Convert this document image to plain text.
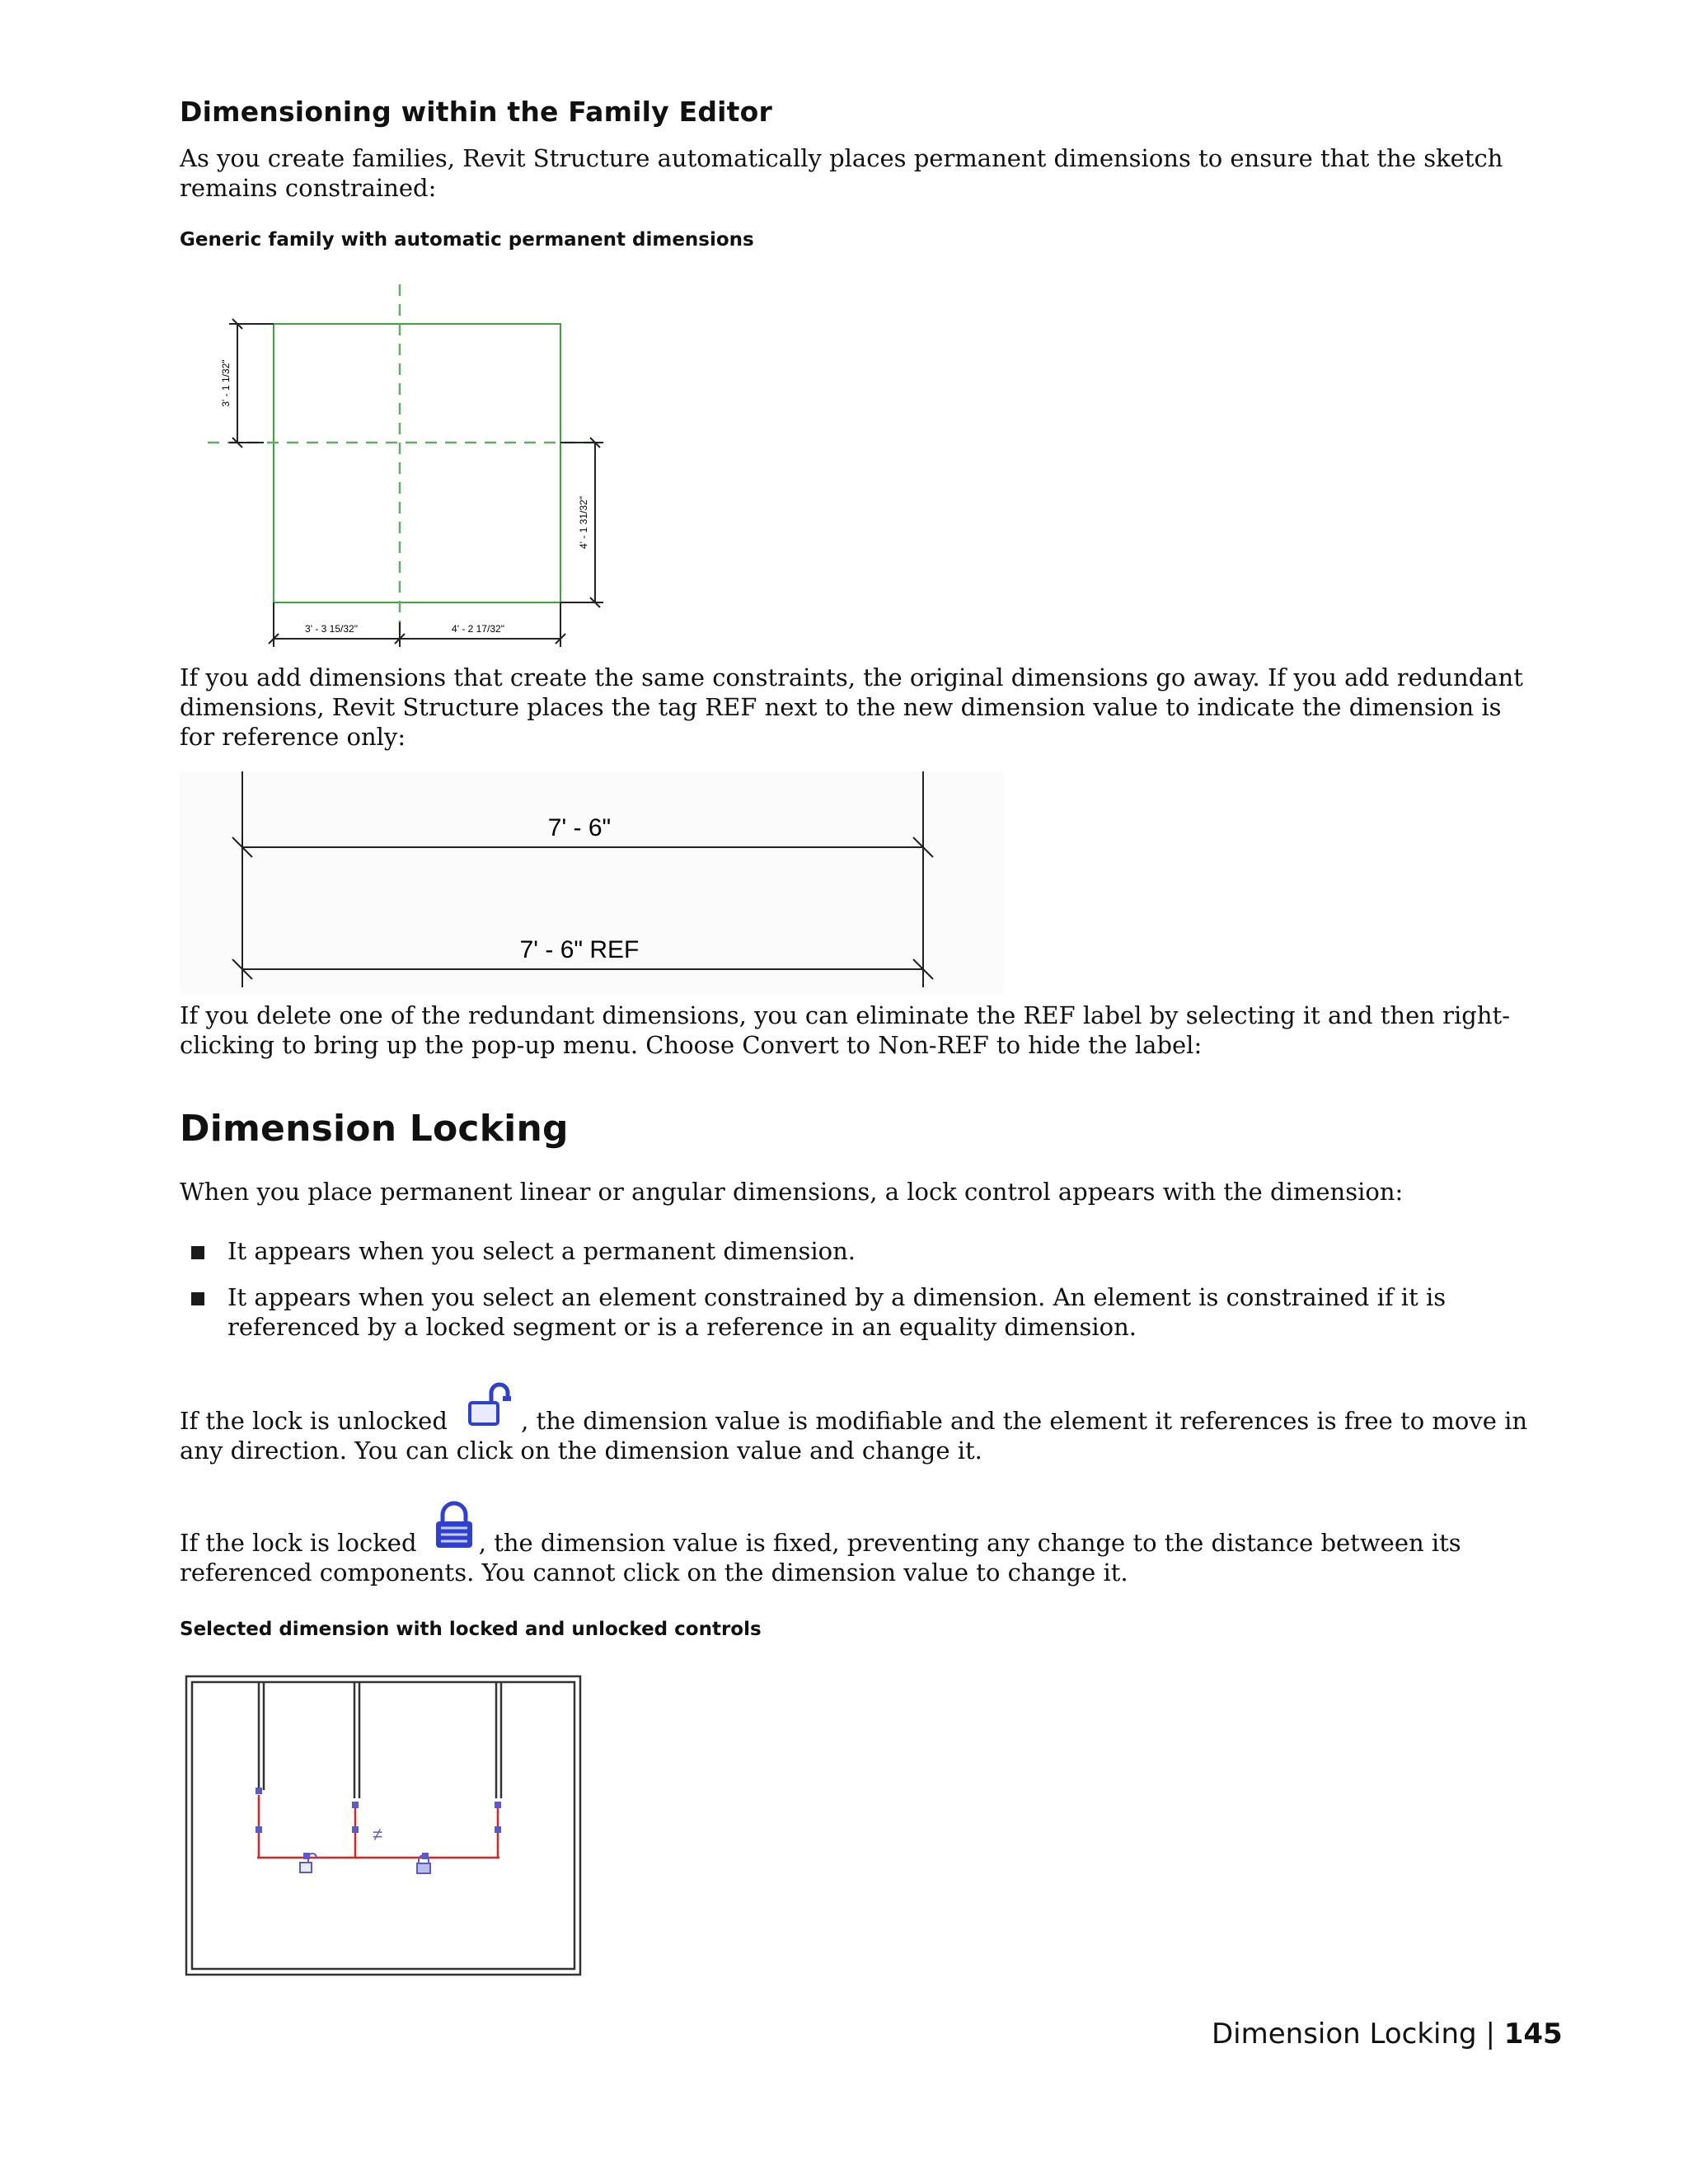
Dimensioning within the Family Editor
As you create families, Revit Structure automatically places permanent dimensions to ensure that the sketch remains constrained:
Generic family with automatic permanent dimensions
3' - 1 1/32"
4' - 1 31/32"
3' - 3 15/32"	4' - 2 17/32"
If you add dimensions that create the same constraints, the original dimensions go away. If you add redundant dimensions, Revit Structure places the tag REF next to the new dimension value to indicate the dimension is for reference only:
7' - 6"
7' - 6" REF
If you delete one of the redundant dimensions, you can eliminate the REF label by selecting it and then right-clicking to bring up the pop-up menu. Choose Convert to Non-REF to hide the label:
Dimension Locking
When you place permanent linear or angular dimensions, a lock control appears with the dimension:
It appears when you select a permanent dimension.
It appears when you select an element constrained by a dimension. An element is constrained if it is referenced by a locked segment or is a reference in an equality dimension.
If the lock is unlocked	, the dimension value is modifiable and the element it references is free to move in any direction. You can click on the dimension value and change it.
If the lock is locked	, the dimension value is fixed, preventing any change to the distance between its referenced components. You cannot click on the dimension value to change it.
Selected dimension with locked and unlocked controls
≠
Dimension Locking | 145
